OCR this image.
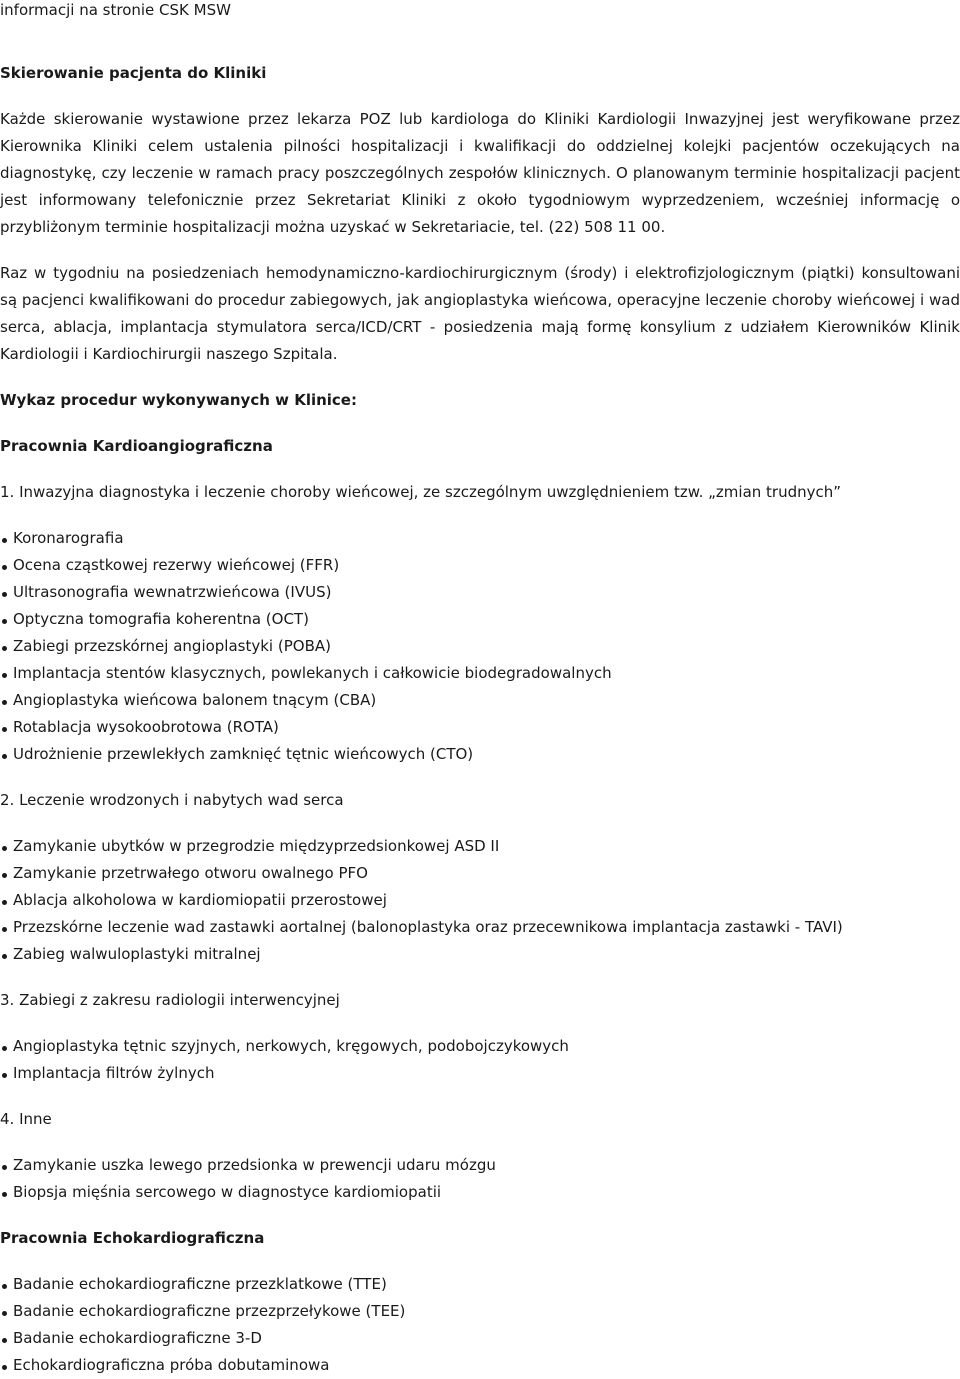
informacji na stronie CSK MSW

Skierowanie pacjenta do Kliniki

Każde skierowanie wystawione przez lekarza POZ lub kardiologa do Kliniki Kardiologii Inwazyjnej jest weryfikowane przez Kierownika Kliniki celem ustalenia pilności hospitalizacji i kwalifikacji do oddzielnej kolejki pacjentów oczekujących na diagnostykę, czy leczenie w ramach pracy poszczególnych zespołów klinicznych. O planowanym terminie hospitalizacji pacjent jest informowany telefonicznie przez Sekretariat Kliniki z około tygodniowym wyprzedzeniem, wcześniej informację o przybliżonym terminie hospitalizacji można uzyskać w Sekretariacie, tel. (22) 508 11 00.

Raz w tygodniu na posiedzeniach hemodynamiczno-kardiochirurgicznym (środy) i elektrofizjologicznym (piątki) konsultowani są pacjenci kwalifikowani do procedur zabiegowych, jak angioplastyka wieńcowa, operacyjne leczenie choroby wieńcowej i wad serca, ablacja, implantacja stymulatora serca/ICD/CRT - posiedzenia mają formę konsylium z udziałem Kierowników Klinik Kardiologii i Kardiochirurgii naszego Szpitala.

Wykaz procedur wykonywanych w Klinice:
Pracownia Kardioangiograficzna

1. Inwazyjna diagnostyka i leczenie choroby wieńcowej, ze szczególnym uwzględnieniem tzw. „zmian trudnych”

Koronarografia
Ocena cząstkowej rezerwy wieńcowej (FFR)
Ultrasonografia wewnatrzwieńcowa (IVUS)
Optyczna tomografia koherentna (OCT)
Zabiegi przezskórnej angioplastyki (POBA)
Implantacja stentów klasycznych, powlekanych i całkowicie biodegradowalnych
Angioplastyka wieńcowa balonem tnącym (CBA)
Rotablacja wysokoobrotowa (ROTA)
Udrożnienie przewlekłych zamknięć tętnic wieńcowych (CTO)

2. Leczenie wrodzonych i nabytych wad serca

Zamykanie ubytków w przegrodzie międzyprzedsionkowej ASD II
Zamykanie przetrwałego otworu owalnego PFO
Ablacja alkoholowa w kardiomiopatii przerostowej
Przezskórne leczenie wad zastawki aortalnej (balonoplastyka oraz przecewnikowa implantacja zastawki - TAVI)
Zabieg walwuloplastyki mitralnej

3. Zabiegi z zakresu radiologii interwencyjnej

Angioplastyka tętnic szyjnych, nerkowych, kręgowych, podobojczykowych
Implantacja filtrów żylnych

4. Inne

Zamykanie uszka lewego przedsionka w prewencji udaru mózgu
Biopsja mięśnia sercowego w diagnostyce kardiomiopatii
Pracownia Echokardiograficzna
Badanie echokardiograficzne przezklatkowe (TTE)
Badanie echokardiograficzne przezprzełykowe (TEE)
Badanie echokardiograficzne 3-D
Echokardiograficzna próba dobutaminowa
